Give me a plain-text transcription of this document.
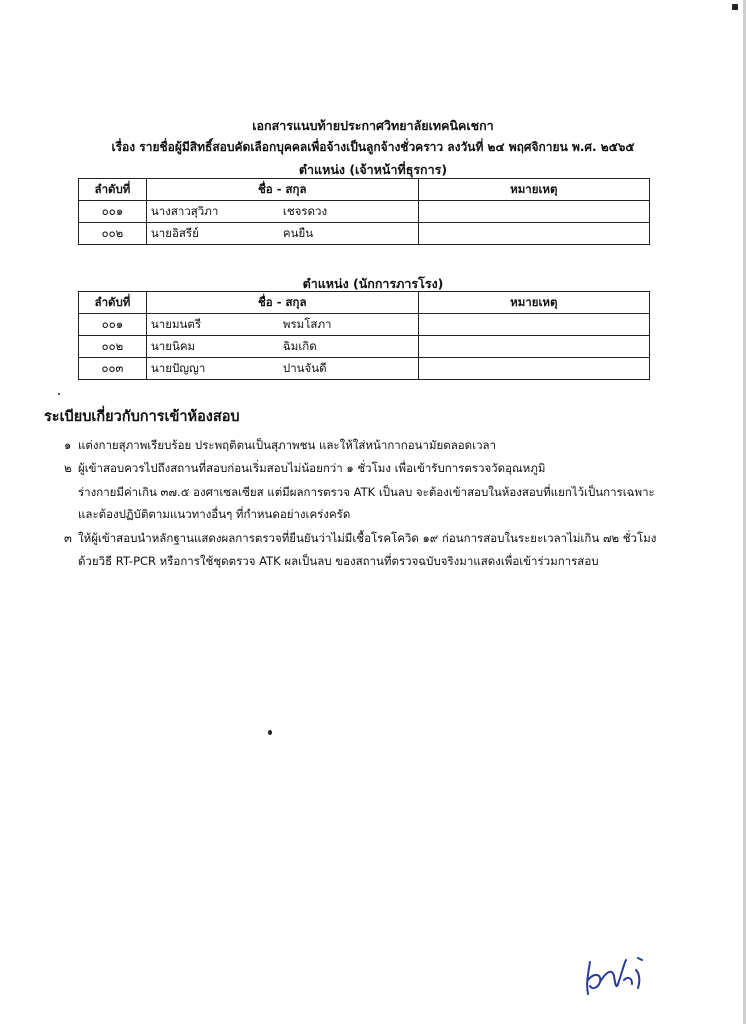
เอกสารแนบท้ายประกาศวิทยาลัยเทคนิคเชกา
เรื่อง รายชื่อผู้มีสิทธิ์สอบคัดเลือกบุคคลเพื่อจ้างเป็นลูกจ้างชั่วคราว ลงวันที่ ๒๔ พฤศจิกายน พ.ศ. ๒๕๖๕
ตำแหน่ง (เจ้าหน้าที่ธุรการ)
ลำดับที่	ชื่อ - สกุล	หมายเหตุ
๐๐๑	นางสาวสุวิภา เชจรดวง	
๐๐๒	นายอิสรีย์ คนยืน	
ตำแหน่ง (นักการภารโรง)
ลำดับที่	ชื่อ - สกุล	หมายเหตุ
๐๐๑	นายมนตรี พรมโสภา	
๐๐๒	นายนิคม ฉิมเกิด	
๐๐๓	นายปัญญา ปานจันดี	
ระเบียบเกี่ยวกับการเข้าห้องสอบ
๑ แต่งกายสุภาพเรียบร้อย ประพฤติตนเป็นสุภาพชน และให้ใส่หน้ากากอนามัยตลอดเวลา
๒ ผู้เข้าสอบควรไปถึงสถานที่สอบก่อนเริ่มสอบไม่น้อยกว่า ๑ ชั่วโมง เพื่อเข้ารับการตรวจวัดอุณหภูมิ
ร่างกายมีค่าเกิน ๓๗.๕ องศาเซลเซียส แต่มีผลการตรวจ ATK เป็นลบ จะต้องเข้าสอบในห้องสอบที่แยกไว้เป็นการเฉพาะ
และต้องปฏิบัติตามแนวทางอื่นๆ ที่กำหนดอย่างเคร่งครัด
๓ ให้ผู้เข้าสอบนำหลักฐานแสดงผลการตรวจที่ยืนยันว่าไม่มีเชื้อโรคโควิด ๑๙ ก่อนการสอบในระยะเวลาไม่เกิน ๗๒ ชั่วโมง
ด้วยวิธี RT-PCR หรือการใช้ชุดตรวจ ATK ผลเป็นลบ ของสถานที่ตรวจฉบับจริงมาแสดงเพื่อเข้าร่วมการสอบ
